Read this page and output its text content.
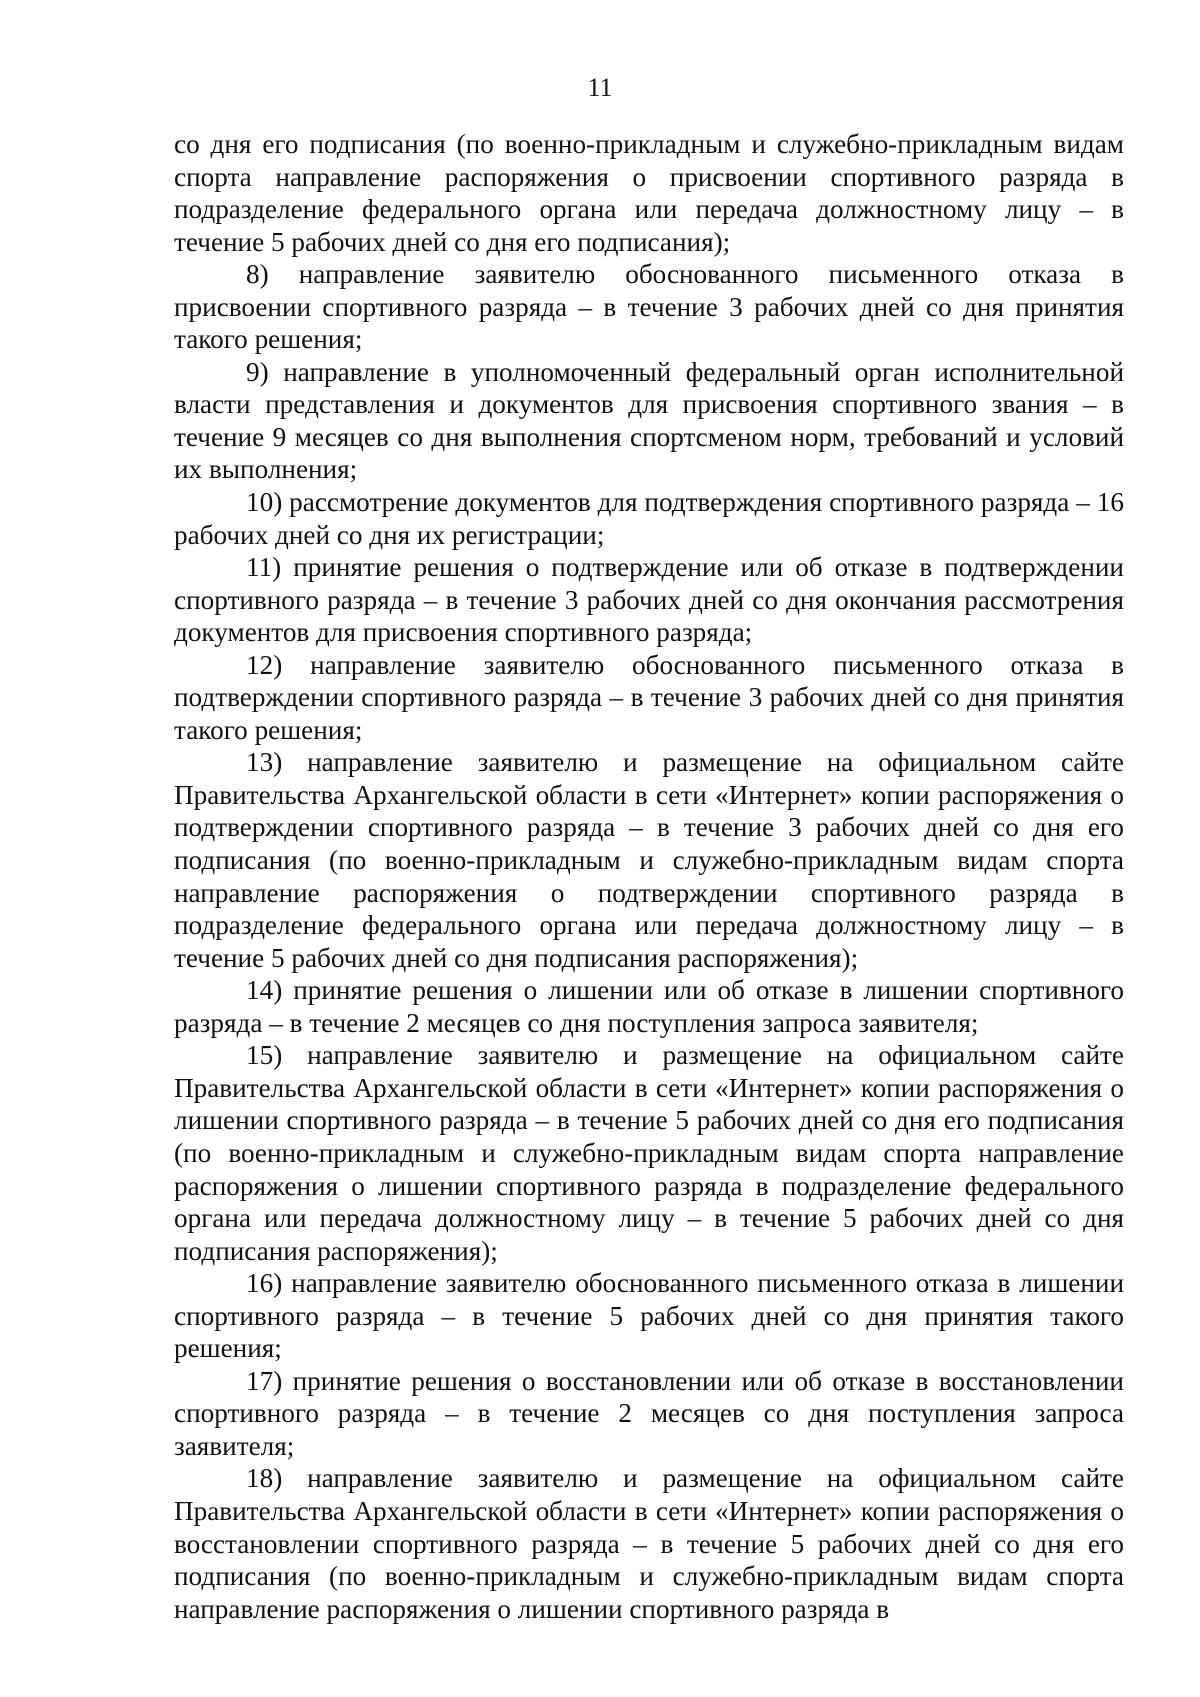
11

со дня его подписания (по военно-прикладным и служебно-прикладным видам спорта направление распоряжения о присвоении спортивного разряда в подразделение федерального органа или передача должностному лицу – в течение 5 рабочих дней со дня его подписания);

8) направление заявителю обоснованного письменного отказа в присвоении спортивного разряда – в течение 3 рабочих дней со дня принятия такого решения;

9) направление в уполномоченный федеральный орган исполнительной власти представления и документов для присвоения спортивного звания – в течение 9 месяцев со дня выполнения спортсменом норм, требований и условий их выполнения;

10) рассмотрение документов для подтверждения спортивного разряда – 16 рабочих дней со дня их регистрации;

11) принятие решения о подтверждение или об отказе в подтверждении спортивного разряда – в течение 3 рабочих дней со дня окончания рассмотрения документов для присвоения спортивного разряда;

12) направление заявителю обоснованного письменного отказа в подтверждении спортивного разряда – в течение 3 рабочих дней со дня принятия такого решения;

13) направление заявителю и размещение на официальном сайте Правительства Архангельской области в сети «Интернет» копии распоряжения о подтверждении спортивного разряда – в течение 3 рабочих дней со дня его подписания (по военно-прикладным и служебно-прикладным видам спорта направление распоряжения о подтверждении спортивного разряда в подразделение федерального органа или передача должностному лицу – в течение 5 рабочих дней со дня подписания распоряжения);

14) принятие решения о лишении или об отказе в лишении спортивного разряда – в течение 2 месяцев со дня поступления запроса заявителя;

15) направление заявителю и размещение на официальном сайте Правительства Архангельской области в сети «Интернет» копии распоряжения о лишении спортивного разряда – в течение 5 рабочих дней со дня его подписания (по военно-прикладным и служебно-прикладным видам спорта направление распоряжения о лишении спортивного разряда в подразделение федерального органа или передача должностному лицу – в течение 5 рабочих дней со дня подписания распоряжения);

16) направление заявителю обоснованного письменного отказа в лишении спортивного разряда – в течение 5 рабочих дней со дня принятия такого решения;

17) принятие решения о восстановлении или об отказе в восстановлении спортивного разряда – в течение 2 месяцев со дня поступления запроса заявителя;

18) направление заявителю и размещение на официальном сайте Правительства Архангельской области в сети «Интернет» копии распоряжения о восстановлении спортивного разряда – в течение 5 рабочих дней со дня его подписания (по военно-прикладным и служебно-прикладным видам спорта направление распоряжения о лишении спортивного разряда в
